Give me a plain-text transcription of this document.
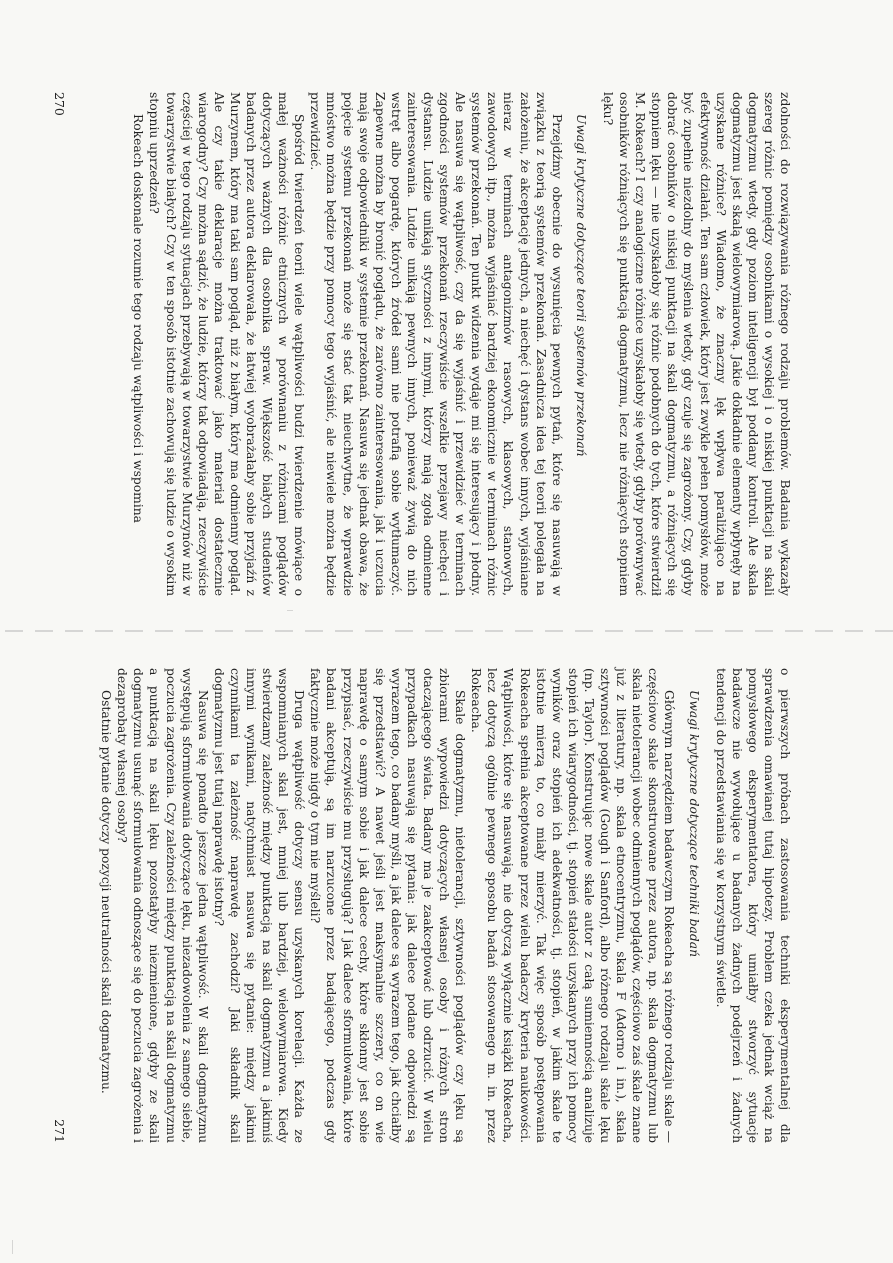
zdolności do rozwiązywania różnego rodzaju problemów. Badania wykazały szereg różnic pomiędzy osobnikami o wysokiej i o niskiej punktacji na skali dogmatyzmu wtedy, gdy poziom inteligencji był poddany kontroli. Ale skala dogmatyzmu jest skalą wielowymiarową. Jakie dokładnie elementy wpłynęły na uzyskane różnice? Wiadomo, że znaczny lęk wpływa paraliżująco na efektywność działań. Ten sam człowiek, który jest zwykle pełen pomysłów, może być zupełnie niezdolny do myślenia wtedy, gdy czuje się zagrożony. Czy, gdyby dobrać osobników o niskiej punktacji na skali dogmatyzmu, a różniących się stopniem lęku — nie uzyskałoby się różnic podobnych do tych, które stwierdził M. Rokeach? I czy analogiczne różnice uzyskałoby się wtedy, gdyby porównywać osobników różniących się punktacją dogmatyzmu, lecz nie różniących stopniem lęku?

Uwagi krytyczne dotyczące teorii systemów przekonań

Przejdźmy obecnie do wysunięcia pewnych pytań, które się nasuwają w związku z teorią systemów przekonań. Zasadnicza idea tej teorii polegała na założeniu, że akceptację jednych, a niechęć i dystans wobec innych, wyjaśniane nieraz w terminach antagonizmów rasowych, klasowych, stanowych, zawodowych itp., można wyjaśniać bardziej ekonomicznie w terminach różnic systemów przekonań. Ten punkt widzenia wydaje mi się interesujący i płodny. Ale nasuwa się wątpliwość, czy da się wyjaśnić i przewidzieć w terminach zgodności systemów przekonań rzeczywiście wszelkie przejawy niechęci i dystansu. Ludzie unikają styczności z innymi, którzy mają zgoła odmienne zainteresowania. Ludzie unikają pewnych innych, ponieważ żywią do nich wstręt albo pogardę, których źródeł sami nie potrafią sobie wytłumaczyć. Zapewne można by bronić poglądu, że zarówno zainteresowania, jak i uczucia mają swoje odpowiedniki w systemie przekonań. Nasuwa się jednak obawa, że pojęcie systemu przekonań może się stać tak nieuchwytne, że wprawdzie mnóstwo można będzie przy pomocy tego wyjaśnić, ale niewiele można będzie przewidzieć.

Spośród twierdzeń teorii wiele wątpliwości budzi twierdzenie mówiące o małej ważności różnic etnicznych w porównaniu z różnicami poglądów dotyczących ważnych dla osobnika spraw. Większość białych studentów badanych przez autora deklarowała, że łatwiej wyobrażałaby sobie przyjaźń z Murzynem, który ma taki sam pogląd, niż z białym, który ma odmienny pogląd. Ale czy takie deklaracje można traktować jako materiał dostatecznie wiarogodny? Czy można sądzić, że ludzie, którzy tak odpowiadają, rzeczywiście częściej w tego rodzaju sytuacjach przebywają w towarzystwie Murzynów niż w towarzystwie białych? Czy w ten sposób istotnie zachowują się ludzie o wysokim stopniu uprzedzeń?

Rokeach doskonale rozumie tego rodzaju wątpliwości i wspomina

270

o pierwszych próbach zastosowania techniki eksperymentalnej dla sprawdzenia omawianej tutaj hipotezy. Problem czeka jednak wciąż na pomysłowego eksperymentatora, który umiałby stworzyć sytuacje badawcze nie wywołujące u badanych żadnych podejrzeń i żadnych tendencji do przedstawiania się w korzystnym świetle.

Uwagi krytyczne dotyczące techniki badań

Głównym narzędziem badawczym Rokeacha są różnego rodzaju skale — częściowo skale skonstruowane przez autora, np. skala dogmatyzmu lub skala nietolerancji wobec odmiennych poglądów, częściowo zaś skale znane już z literatury, np. skala etnocentryzmu, skala F (Adorno i in.), skala sztywności poglądów (Gough i Sanford), albo różnego rodzaju skale lęku (np. Taylor). Konstruując nowe skale autor z całą sumiennością analizuje stopień ich wiarygodności, tj. stopień stałości uzyskanych przy ich pomocy wyników oraz stopień ich adekwatności, tj. stopień, w jakim skale te istotnie mierzą to, co miały mierzyć. Tak więc sposób postępowania Rokeacha spełnia akceptowane przez wielu badaczy kryteria naukowości. Wątpliwości, które się nasuwają, nie dotyczą wyłącznie książki Rokeacha, lecz dotyczą ogólnie pewnego sposobu badań stosowanego m. in. przez Rokeacha.

Skale dogmatyzmu, nietolerancji, sztywności poglądów czy lęku są zbiorami wypowiedzi dotyczących własnej osoby i różnych stron otaczającego świata. Badany ma je zaakceptować lub odrzucić. W wielu przypadkach nasuwają się pytania: jak dalece podane odpowiedzi są wyrazem tego, co badany myśli, a jak dalece są wyrazem tego, jak chciałby się przedstawić? A nawet jeśli jest maksymalnie szczery, co on wie naprawdę o samym sobie i jak dalece cechy, które skłonny jest sobie przypisać, rzeczywiście mu przysługują? I jak dalece sformułowania, które badani akceptują, są im narzucone przez badającego, podczas gdy faktycznie może nigdy o tym nie myśleli?

Druga wątpliwość dotyczy sensu uzyskanych korelacji. Każda ze wspomnianych skal jest, mniej lub bardziej, wielowymiarowa. Kiedy stwierdzamy zależność między punktacją na skali dogmatyzmu a jakimiś innymi wynikami, natychmiast nasuwa się pytanie: między jakimi czynnikami ta zależność naprawdę zachodzi? Jaki składnik skali dogmatyzmu jest tutaj naprawdę istotny?

Nasuwa się ponadto jeszcze jedna wątpliwość. W skali dogmatyzmu występują sformułowania dotyczące lęku, niezadowolenia z samego siebie, poczucia zagrożenia. Czy zależności między punktacją na skali dogmatyzmu a punktacją na skali lęku pozostałyby niezmienione, gdyby ze skali dogmatyzmu usunąć sformułowania odnoszące się do poczucia zagrożenia i dezaprobaty własnej osoby?

Ostatnie pytanie dotyczy pozycji neutralności skali dogmatyzmu.

271
